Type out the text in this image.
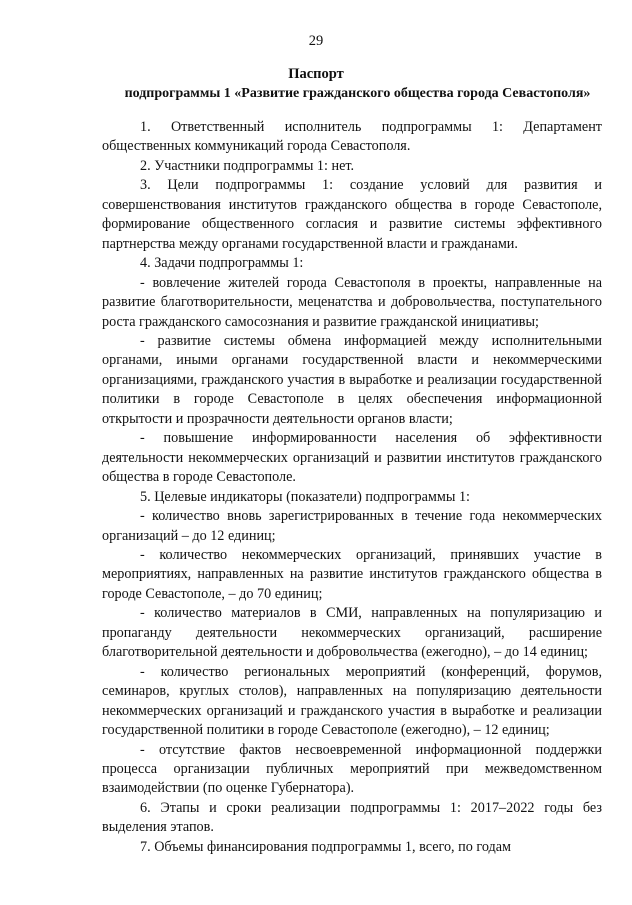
29
Паспорт
подпрограммы 1 «Развитие гражданского общества города Севастополя»

1. Ответственный исполнитель подпрограммы 1: Департамент общественных коммуникаций города Севастополя.

2. Участники подпрограммы 1: нет.

3. Цели подпрограммы 1: создание условий для развития и совершенствования институтов гражданского общества в городе Севастополе, формирование общественного согласия и развитие системы эффективного партнерства между органами государственной власти и гражданами.

4. Задачи подпрограммы 1:

- вовлечение жителей города Севастополя в проекты, направленные на развитие благотворительности, меценатства и добровольчества, поступательного роста гражданского самосознания и развитие гражданской инициативы;

- развитие системы обмена информацией между исполнительными органами, иными органами государственной власти и некоммерческими организациями, гражданского участия в выработке и реализации государственной политики в городе Севастополе в целях обеспечения информационной открытости и прозрачности деятельности органов власти;

- повышение информированности населения об эффективности деятельности некоммерческих организаций и развитии институтов гражданского общества в городе Севастополе.

5. Целевые индикаторы (показатели) подпрограммы 1:

- количество вновь зарегистрированных в течение года некоммерческих организаций – до 12 единиц;

- количество некоммерческих организаций, принявших участие в мероприятиях, направленных на развитие институтов гражданского общества в городе Севастополе, – до 70 единиц;

- количество материалов в СМИ, направленных на популяризацию и пропаганду деятельности некоммерческих организаций, расширение благотворительной деятельности и добровольчества (ежегодно), – до 14 единиц;

- количество региональных мероприятий (конференций, форумов, семинаров, круглых столов), направленных на популяризацию деятельности некоммерческих организаций и гражданского участия в выработке и реализации государственной политики в городе Севастополе (ежегодно), – 12 единиц;

- отсутствие фактов несвоевременной информационной поддержки процесса организации публичных мероприятий при межведомственном взаимодействии (по оценке Губернатора).

6. Этапы и сроки реализации подпрограммы 1: 2017–2022 годы без выделения этапов.

7. Объемы финансирования подпрограммы 1, всего, по годам
